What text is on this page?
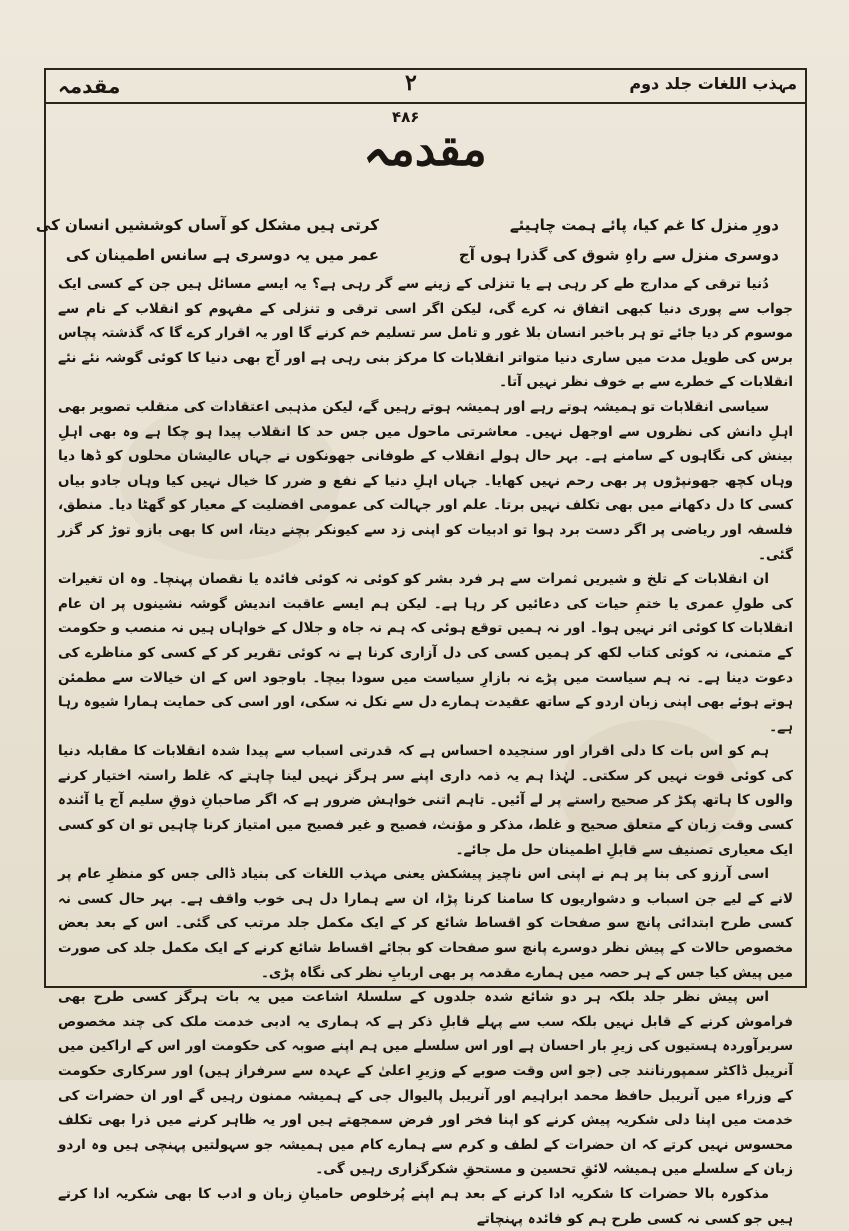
مہذب اللغات جلد دوم
۲
مقدمہ
۴۸۶
مقدمہ
دورِ منزل کا غم کیا، پائے ہمت چاہیئے
کرتی ہیں مشکل کو آساں کوششیں انسان کی
دوسری منزل سے راہِ شوق کی گذرا ہوں آج
عمر میں یہ دوسری ہے سانس اطمینان کی

دُنیا ترقی کے مدارج طے کر رہی ہے یا تنزلی کے زینے سے گر رہی ہے؟ یہ ایسے مسائل ہیں جن کے کسی ایک جواب سے پوری دنیا کبھی اتفاق نہ کرے گی، لیکن اگر اسی ترقی و تنزلی کے مفہوم کو انقلاب کے نام سے موسوم کر دیا جائے تو ہر باخبر انسان بلا غور و تامل سر تسلیم خم کرنے گا اور یہ اقرار کرے گا کہ گذشتہ پچاس برس کی طویل مدت میں ساری دنیا متواتر انقلابات کا مرکز بنی رہی ہے اور آج بھی دنیا کا کوئی گوشہ نئے نئے انقلابات کے خطرے سے بے خوف نظر نہیں آتا۔

سیاسی انقلابات تو ہمیشہ ہوتے رہے اور ہمیشہ ہوتے رہیں گے، لیکن مذہبی اعتقادات کی منقلب تصویر بھی اہلِ دانش کی نظروں سے اوجھل نہیں۔ معاشرتی ماحول میں جس حد کا انقلاب پیدا ہو چکا ہے وہ بھی اہلِ بینش کی نگاہوں کے سامنے ہے۔ بہر حال ہولے انقلاب کے طوفانی جھونکوں نے جہاں عالیشان محلوں کو ڈھا دیا وہاں کچھ جھونپڑوں پر بھی رحم نہیں کھایا۔ جہاں اہلِ دنیا کے نفع و ضرر کا خیال نہیں کیا وہاں جادو بیاں کسی کا دل دکھانے میں بھی تکلف نہیں برتا۔ علم اور جہالت کی عمومی افضلیت کے معیار کو گھٹا دیا۔ منطق، فلسفہ اور ریاضی پر اگر دست برد ہوا تو ادبیات کو اپنی زد سے کیونکر بچنے دیتا، اس کا بھی بازو توڑ کر گزر گئی۔

ان انقلابات کے تلخ و شیریں ثمرات سے ہر فرد بشر کو کوئی نہ کوئی فائدہ یا نقصان پہنچا۔ وہ ان تغیرات کی طولِ عمری یا ختمِ حیات کی دعائیں کر رہا ہے۔ لیکن ہم ایسے عاقبت اندیش گوشہ نشینوں پر ان عام انقلابات کا کوئی اثر نہیں ہوا۔ اور نہ ہمیں توقع ہوئی کہ ہم نہ جاہ و جلال کے خواہاں ہیں نہ منصب و حکومت کے متمنی، نہ کوئی کتاب لکھ کر ہمیں کسی کی دل آزاری کرنا ہے نہ کوئی تقریر کر کے کسی کو مناظرے کی دعوت دینا ہے۔ نہ ہم سیاست میں پڑے نہ بازارِ سیاست میں سودا بیچا۔ باوجود اس کے ان خیالات سے مطمئن ہوتے ہوئے بھی اپنی زبان اردو کے ساتھ عقیدت ہمارے دل سے نکل نہ سکی، اور اسی کی حمایت ہمارا شیوہ رہا ہے۔

ہم کو اس بات کا دلی اقرار اور سنجیدہ احساس ہے کہ قدرتی اسباب سے پیدا شدہ انقلابات کا مقابلہ دنیا کی کوئی قوت نہیں کر سکتی۔ لہٰذا ہم یہ ذمہ داری اپنے سر ہرگز نہیں لینا چاہتے کہ غلط راستہ اختیار کرنے والوں کا ہاتھ پکڑ کر صحیح راستے پر لے آئیں۔ تاہم اتنی خواہش ضرور ہے کہ اگر صاحبانِ ذوقِ سلیم آج یا آئندہ کسی وقت زبان کے متعلق صحیح و غلط، مذکر و مؤنث، فصیح و غیر فصیح میں امتیاز کرنا چاہیں تو ان کو کسی ایک معیاری تصنیف سے قابلِ اطمینان حل مل جائے۔

اسی آرزو کی بنا پر ہم نے اپنی اس ناچیز پیشکش یعنی مہذب اللغات کی بنیاد ڈالی جس کو منظرِ عام پر لانے کے لیے جن اسباب و دشواریوں کا سامنا کرنا پڑا، ان سے ہمارا دل ہی خوب واقف ہے۔ بہر حال کسی نہ کسی طرح ابتدائی پانچ سو صفحات کو اقساط شائع کر کے ایک مکمل جلد مرتب کی گئی۔ اس کے بعد بعض مخصوص حالات کے پیش نظر دوسرے پانچ سو صفحات کو بجائے اقساط شائع کرنے کے ایک مکمل جلد کی صورت میں پیش کیا جس کے ہر حصہ میں ہمارے مقدمہ پر بھی اربابِ نظر کی نگاہ پڑی۔

اس پیش نظر جلد بلکہ ہر دو شائع شدہ جلدوں کے سلسلۂ اشاعت میں یہ بات ہرگز کسی طرح بھی فراموش کرنے کے قابل نہیں بلکہ سب سے پہلے قابلِ ذکر ہے کہ ہماری یہ ادبی خدمت ملک کی چند مخصوص سربرآوردہ ہستیوں کی زیرِ بار احسان ہے اور اس سلسلے میں ہم اپنے صوبہ کی حکومت اور اس کے اراکین میں آنریبل ڈاکٹر سمپورنانند جی (جو اس وقت صوبے کے وزیرِ اعلیٰ کے عہدہ سے سرفراز ہیں) اور سرکاری حکومت کے وزراء میں آنریبل حافظ محمد ابراہیم اور آنریبل پالیوال جی کے ہمیشہ ممنون رہیں گے اور ان حضرات کی خدمت میں اپنا دلی شکریہ پیش کرنے کو اپنا فخر اور فرض سمجھتے ہیں اور یہ ظاہر کرنے میں ذرا بھی تکلف محسوس نہیں کرتے کہ ان حضرات کے لطف و کرم سے ہمارے کام میں ہمیشہ جو سہولتیں پہنچی ہیں وہ اردو زبان کے سلسلے میں ہمیشہ لائقِ تحسین و مستحقِ شکرگزاری رہیں گی۔

مذکورہ بالا حضرات کا شکریہ ادا کرنے کے بعد ہم اپنے پُرخلوص حامیانِ زبان و ادب کا بھی شکریہ ادا کرتے ہیں جو کسی نہ کسی طرح ہم کو فائدہ پہنچاتے
